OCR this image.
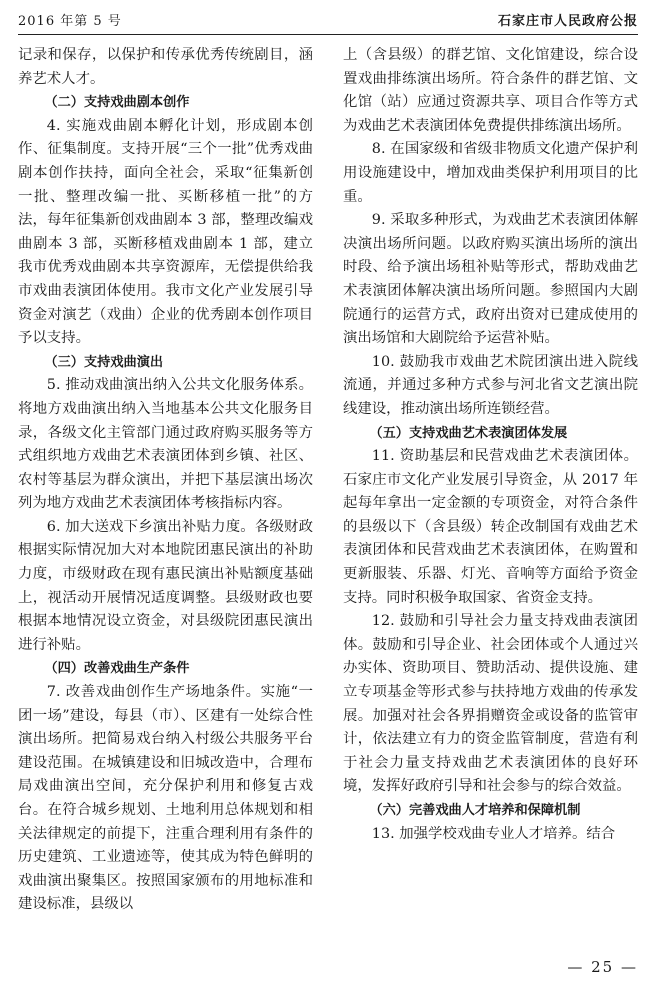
2016 年第 5 号	石家庄市人民政府公报

记录和保存，以保护和传承优秀传统剧目，涵养艺术人才。

（二）支持戏曲剧本创作

4. 实施戏曲剧本孵化计划，形成剧本创作、征集制度。支持开展“三个一批”优秀戏曲剧本创作扶持，面向全社会，采取“征集新创一批、整理改编一批、买断移植一批”的方法，每年征集新创戏曲剧本 3 部，整理改编戏曲剧本 3 部，买断移植戏曲剧本 1 部，建立我市优秀戏曲剧本共享资源库，无偿提供给我市戏曲表演团体使用。我市文化产业发展引导资金对演艺（戏曲）企业的优秀剧本创作项目予以支持。

（三）支持戏曲演出

5. 推动戏曲演出纳入公共文化服务体系。将地方戏曲演出纳入当地基本公共文化服务目录，各级文化主管部门通过政府购买服务等方式组织地方戏曲艺术表演团体到乡镇、社区、农村等基层为群众演出，并把下基层演出场次列为地方戏曲艺术表演团体考核指标内容。

6. 加大送戏下乡演出补贴力度。各级财政根据实际情况加大对本地院团惠民演出的补助力度，市级财政在现有惠民演出补贴额度基础上，视活动开展情况适度调整。县级财政也要根据本地情况设立资金，对县级院团惠民演出进行补贴。

（四）改善戏曲生产条件

7. 改善戏曲创作生产场地条件。实施“一团一场”建设，每县（市）、区建有一处综合性演出场所。把简易戏台纳入村级公共服务平台建设范围。在城镇建设和旧城改造中，合理布局戏曲演出空间，充分保护利用和修复古戏台。在符合城乡规划、土地利用总体规划和相关法律规定的前提下，注重合理利用有条件的历史建筑、工业遗迹等，使其成为特色鲜明的戏曲演出聚集区。按照国家颁布的用地标准和建设标准，县级以

上（含县级）的群艺馆、文化馆建设，综合设置戏曲排练演出场所。符合条件的群艺馆、文化馆（站）应通过资源共享、项目合作等方式为戏曲艺术表演团体免费提供排练演出场所。

8. 在国家级和省级非物质文化遗产保护利用设施建设中，增加戏曲类保护利用项目的比重。

9. 采取多种形式，为戏曲艺术表演团体解决演出场所问题。以政府购买演出场所的演出时段、给予演出场租补贴等形式，帮助戏曲艺术表演团体解决演出场所问题。参照国内大剧院通行的运营方式，政府出资对已建成使用的演出场馆和大剧院给予运营补贴。

10. 鼓励我市戏曲艺术院团演出进入院线流通，并通过多种方式参与河北省文艺演出院线建设，推动演出场所连锁经营。

（五）支持戏曲艺术表演团体发展

11. 资助基层和民营戏曲艺术表演团体。石家庄市文化产业发展引导资金，从 2017 年起每年拿出一定金额的专项资金，对符合条件的县级以下（含县级）转企改制国有戏曲艺术表演团体和民营戏曲艺术表演团体，在购置和更新服装、乐器、灯光、音响等方面给予资金支持。同时积极争取国家、省资金支持。

12. 鼓励和引导社会力量支持戏曲表演团体。鼓励和引导企业、社会团体或个人通过兴办实体、资助项目、赞助活动、提供设施、建立专项基金等形式参与扶持地方戏曲的传承发展。加强对社会各界捐赠资金或设备的监管审计，依法建立有力的资金监管制度，营造有利于社会力量支持戏曲艺术表演团体的良好环境，发挥好政府引导和社会参与的综合效益。

（六）完善戏曲人才培养和保障机制

13. 加强学校戏曲专业人才培养。结合

— 25 —
